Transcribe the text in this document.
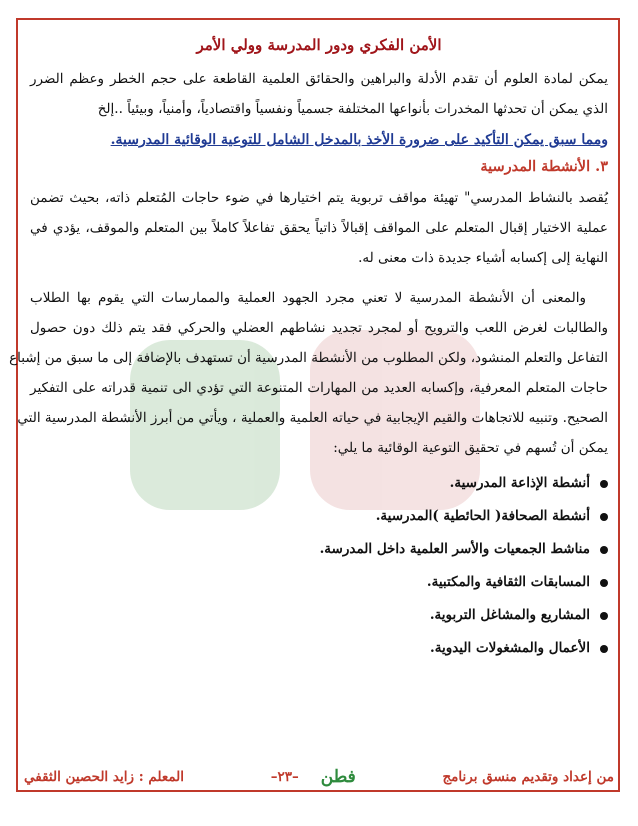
الأمن الفكري ودور المدرسة وولي الأمر

يمكن لمادة العلوم أن تقدم الأدلة والبراهين والحقائق العلمية القاطعة على حجم الخطر وعظم الضرر

الذي يمكن أن تحدثها المخدرات بأنواعها المختلفة جسمياً ونفسياً واقتصادياً، وأمنياً، وبيئياً ..إلخ

ومما سبق يمكن التأكيد على ضرورة الأخذ بالمدخل الشامل للتوعية الوقائية المدرسية.
٣. الأنشطة المدرسية

يُقصد بالنشاط المدرسي" تهيئة مواقف تربوية يتم اختيارها في ضوء حاجات المُتعلم ذاته، بحيث تضمن

عملية الاختيار إقبال المتعلم على المواقف إقبالاً ذاتياً يحقق تفاعلاً كاملاً بين المتعلم والموقف، يؤدي في

النهاية إلى إكسابه أشياء جديدة ذات معنى له.

والمعنى أن الأنشطة المدرسية لا تعني مجرد الجهود العملية والممارسات التي يقوم بها الطلاب

والطالبات لغرض اللعب والترويح أو لمجرد تجديد نشاطهم العضلي والحركي فقد يتم ذلك دون حصول

التفاعل والتعلم المنشود، ولكن المطلوب من الأنشطة المدرسية أن تستهدف بالإضافة إلى ما سبق من إشباع

حاجات المتعلم المعرفية، وإكسابه العديد من المهارات المتنوعة التي تؤدي الى تنمية قدراته على التفكير

الصحيح. وتنبيه للاتجاهات والقيم الإيجابية في حياته العلمية والعملية ، ويأتي من أبرز الأنشطة المدرسية التي

يمكن أن تُسهم في تحقيق التوعية الوقائية ما يلي:

أنشطة الإذاعة المدرسية.
أنشطة الصحافة( الحائطية )المدرسية.
مناشط الجمعيات والأسر العلمية داخل المدرسة.
المسابقات الثقافية والمكتبية.
المشاريع والمشاغل التربوية.
الأعمال والمشغولات اليدوية.
من إعداد وتقديم منسق برنامج
فطن
–٢٣–
المعلم : زايد الحصين الثقفي
